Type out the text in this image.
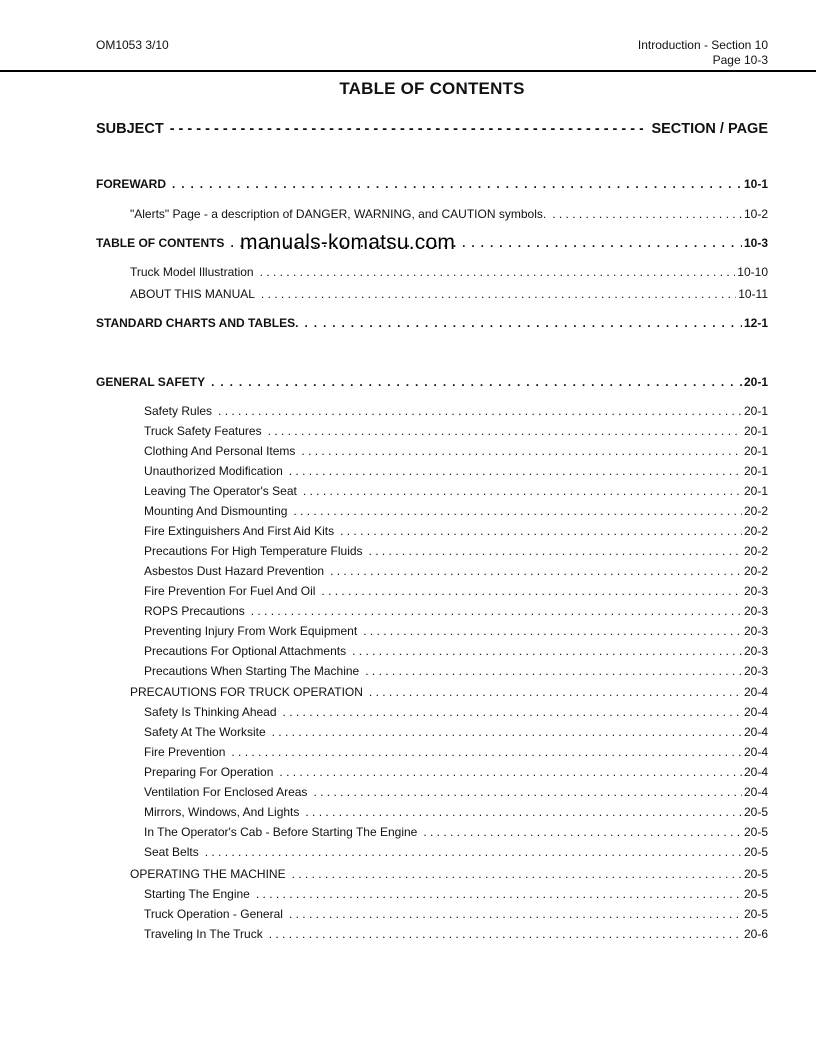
OM1053 3/10	Introduction - Section 10
Page 10-3
TABLE OF CONTENTS
SUBJECT - - -	SECTION / PAGE
FOREWARD . . .	10-1
"Alerts" Page - a description of DANGER, WARNING, and CAUTION symbols. . . .	10-2
TABLE OF CONTENTS . . .	10-3
Truck Model Illustration . . .	10-10
ABOUT THIS MANUAL . . .	10-11
STANDARD CHARTS AND TABLES. . . .	12-1
GENERAL SAFETY . . .	20-1
Safety Rules . . .	20-1
Truck Safety Features . . .	20-1
Clothing And Personal Items . . .	20-1
Unauthorized Modification . . .	20-1
Leaving The Operator's Seat . . .	20-1
Mounting And Dismounting . . .	20-2
Fire Extinguishers And First Aid Kits . . .	20-2
Precautions For High Temperature Fluids . . .	20-2
Asbestos Dust Hazard Prevention . . .	20-2
Fire Prevention For Fuel And Oil . . .	20-3
ROPS Precautions . . .	20-3
Preventing Injury From Work Equipment . . .	20-3
Precautions For Optional Attachments . . .	20-3
Precautions When Starting The Machine . . .	20-3
PRECAUTIONS FOR TRUCK OPERATION . . .	20-4
Safety Is Thinking Ahead . . .	20-4
Safety At The Worksite . . .	20-4
Fire Prevention . . .	20-4
Preparing For Operation . . .	20-4
Ventilation For Enclosed Areas . . .	20-4
Mirrors, Windows, And Lights . . .	20-5
In The Operator's Cab - Before Starting The Engine . . .	20-5
Seat Belts . . .	20-5
OPERATING THE MACHINE . . .	20-5
Starting The Engine . . .	20-5
Truck Operation - General . . .	20-5
Traveling In The Truck . . .	20-6
manuals-komatsu.com
